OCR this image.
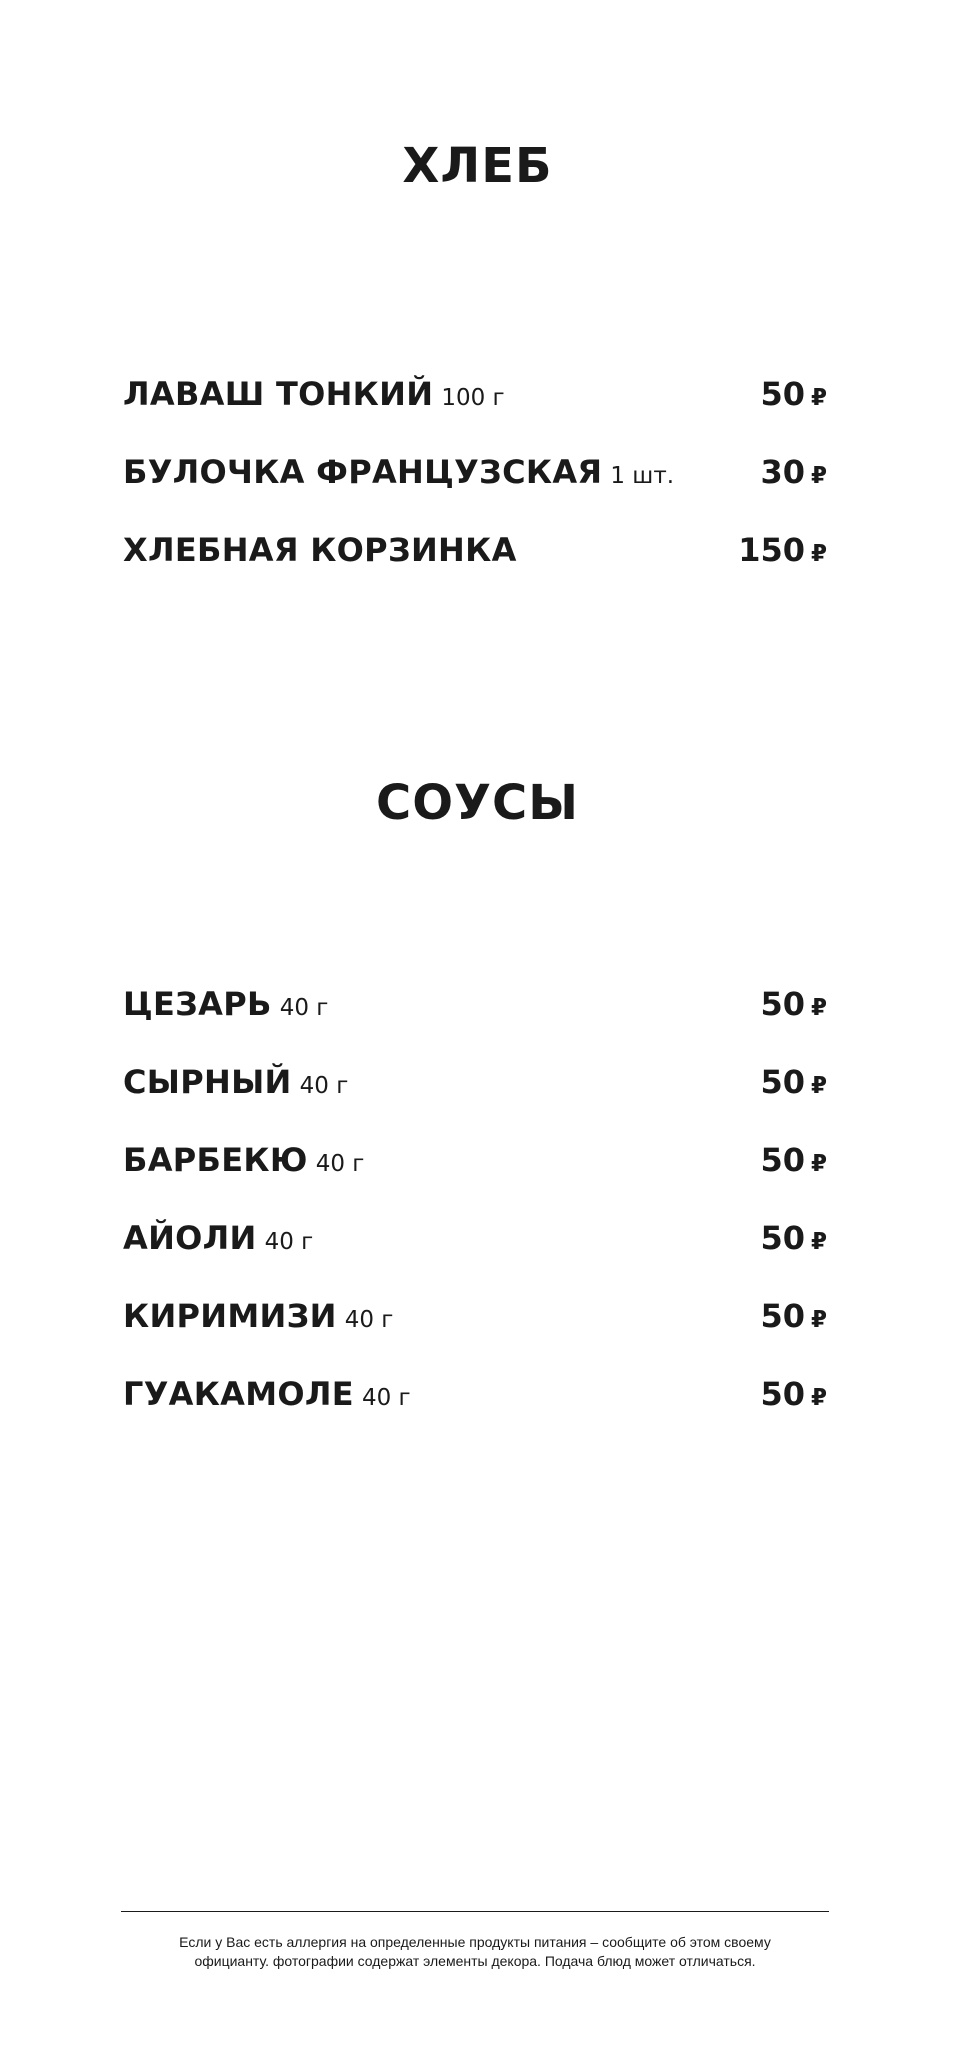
ХЛЕБ
ЛАВАШ ТОНКИЙ 100 г	50 ₽
БУЛОЧКА ФРАНЦУЗСКАЯ 1 шт.	30 ₽
ХЛЕБНАЯ КОРЗИНКА	150 ₽
СОУСЫ
ЦЕЗАРЬ 40 г	50 ₽
СЫРНЫЙ 40 г	50 ₽
БАРБЕКЮ 40 г	50 ₽
АЙОЛИ 40 г	50 ₽
КИРИМИЗИ 40 г	50 ₽
ГУАКАМОЛЕ 40 г	50 ₽

Если у Вас есть аллергия на определенные продукты питания – сообщите об этом своему
официанту. фотографии содержат элементы декора. Подача блюд может отличаться.
